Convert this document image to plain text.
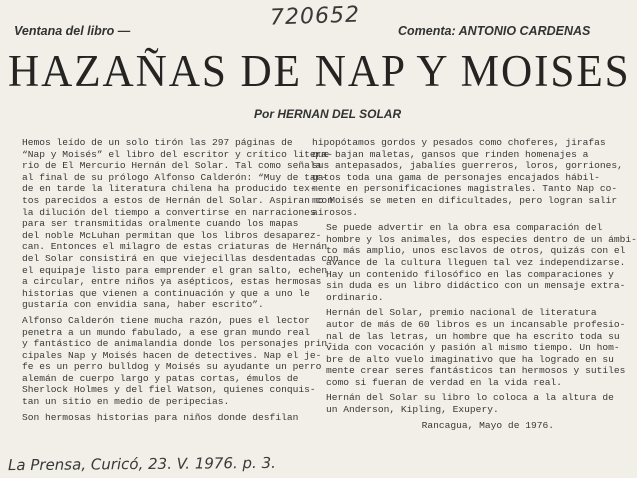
720652
Ventana del libro —	Comenta: ANTONIO CARDENAS
HAZAÑAS DE NAP Y MOISES
Por HERNAN DEL SOLAR

Hemos leído de un solo tirón las 297 páginas de
“Nap y Moisés” el libro del escritor y crítico litera-
rio de El Mercurio Hernán del Solar. Tal como señala
al final de su prólogo Alfonso Calderón: “Muy de tar-
de en tarde la literatura chilena ha producido tex-
tos parecidos a estos de Hernán del Solar. Aspiran con
la dilución del tiempo a convertirse en narraciones
para ser transmitidas oralmente cuando los mapas
del noble McLuhan permitan que los libros desaparez-
can. Entonces el milagro de estas criaturas de Hernán
del Solar consistirá en que viejecillas desdentadas con
el equipaje listo para emprender el gran salto, echen
a circular, entre niños ya asépticos, estas hermosas
historias que vienen a continuación y que a uno le
gustaría con envidia sana, haber escrito”.

Alfonso Calderón tiene mucha razón, pues el lector
penetra a un mundo fabulado, a ese gran mundo real
y fantástico de animalandia donde los personajes prin-
cipales Nap y Moisés hacen de detectives. Nap el je-
fe es un perro bulldog y Moisés su ayudante un perro
alemán de cuerpo largo y patas cortas, émulos de
Sherlock Holmes y del fiel Watson, quienes conquis-
tan un sitio en medio de peripecias.

Son hermosas historias para niños donde desfilan

hipopótamos gordos y pesados como choferes, jirafas
que bajan maletas, gansos que rinden homenajes a
sus antepasados, jabalíes guerreros, loros, gorriones,
gatos toda una gama de personajes encajados hábil-
mente en personificaciones magistrales. Tanto Nap co-
mo Moisés se meten en dificultades, pero logran salir
airosos.

Se puede advertir en la obra esa comparación del
hombre y los animales, dos especies dentro de un ámbi-
to más amplio, unos esclavos de otros, quizás con el
avance de la cultura lleguen tal vez independizarse.
Hay un contenido filosófico en las comparaciones y
sin duda es un libro didáctico con un mensaje extra-
ordinario.

Hernán del Solar, premio nacional de literatura
autor de más de 60 libros es un incansable profesio-
nal de las letras, un hombre que ha escrito toda su
vida con vocación y pasión al mismo tiempo. Un hom-
bre de alto vuelo imaginativo que ha logrado en su
mente crear seres fantásticos tan hermosos y sutiles
como si fueran de verdad en la vida real.

Hernán del Solar su libro lo coloca a la altura de
un Anderson, Kipling, Exupery.

Rancagua, Mayo de 1976.
La Prensa, Curicó, 23. V. 1976. p. 3.
